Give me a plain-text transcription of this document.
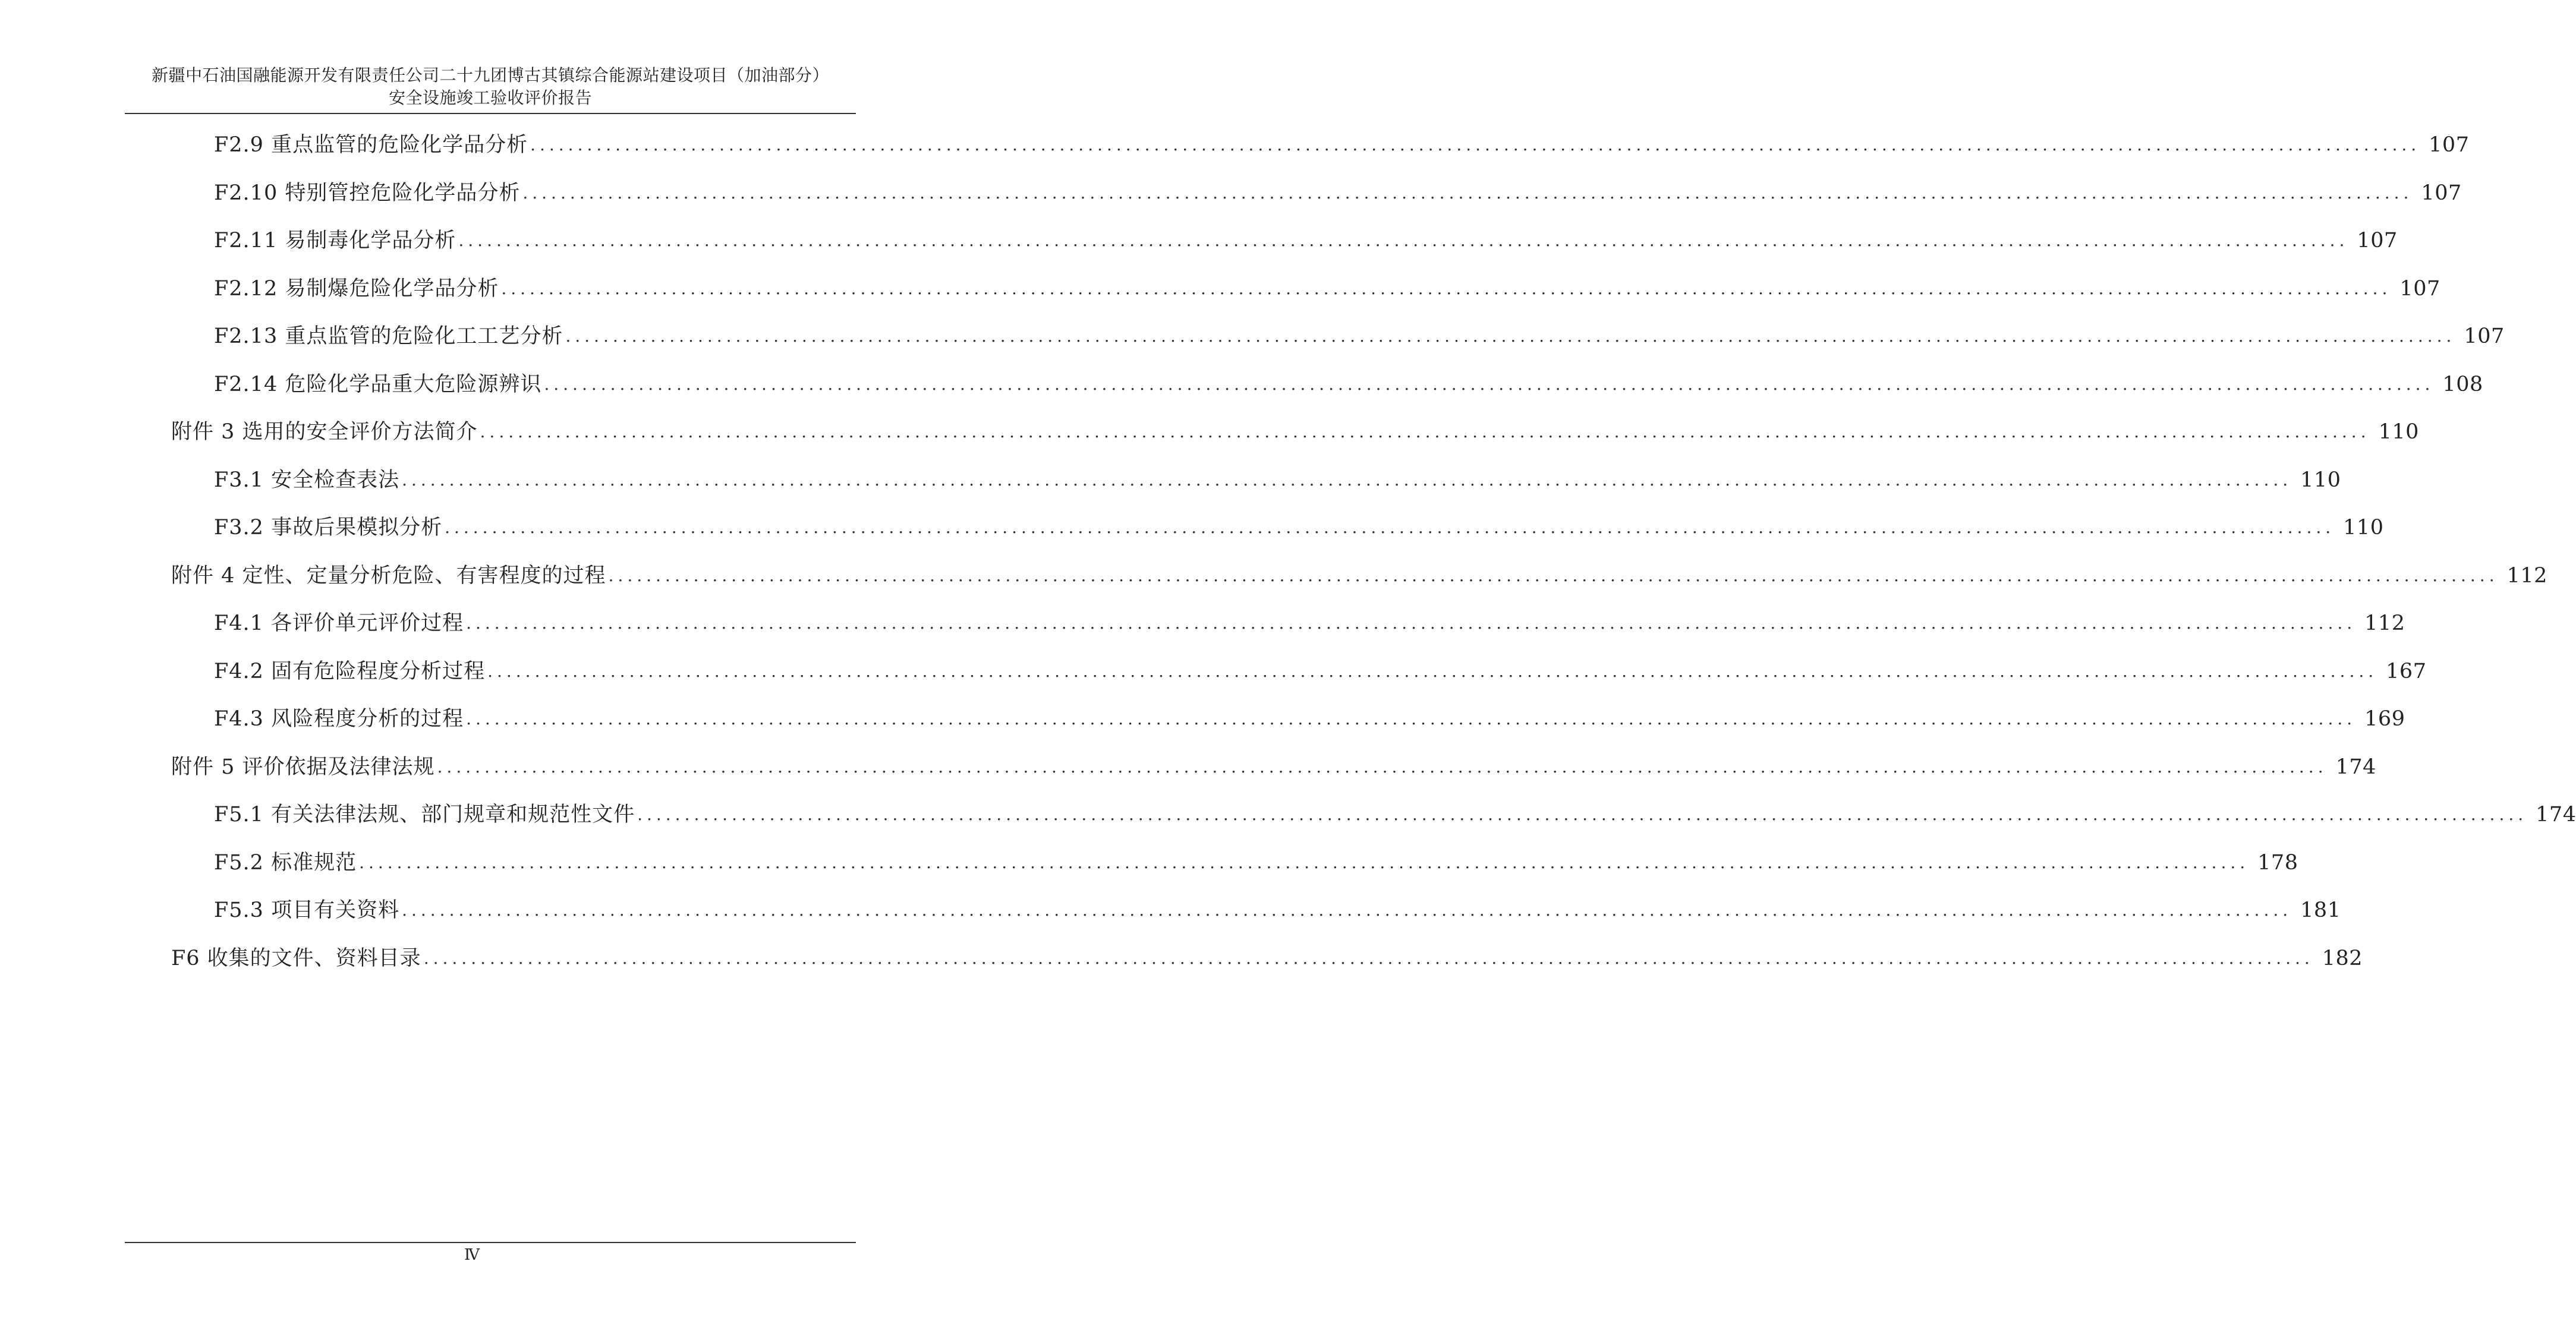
新疆中石油国融能源开发有限责任公司二十九团博古其镇综合能源站建设项目（加油部分）
安全设施竣工验收评价报告
F2.9 重点监管的危险化学品分析 ........................................................................................................................................................................................................ 107
F2.10 特别管控危险化学品分析 ........................................................................................................................................................................................................ 107
F2.11 易制毒化学品分析 ........................................................................................................................................................................................................ 107
F2.12 易制爆危险化学品分析 ........................................................................................................................................................................................................ 107
F2.13 重点监管的危险化工工艺分析 ........................................................................................................................................................................................................ 107
F2.14 危险化学品重大危险源辨识 ........................................................................................................................................................................................................ 108
附件 3 选用的安全评价方法简介 ........................................................................................................................................................................................................ 110
F3.1 安全检查表法 ........................................................................................................................................................................................................ 110
F3.2 事故后果模拟分析 ........................................................................................................................................................................................................ 110
附件 4 定性、定量分析危险、有害程度的过程 ........................................................................................................................................................................................................ 112
F4.1 各评价单元评价过程 ........................................................................................................................................................................................................ 112
F4.2 固有危险程度分析过程 ........................................................................................................................................................................................................ 167
F4.3 风险程度分析的过程 ........................................................................................................................................................................................................ 169
附件 5 评价依据及法律法规 ........................................................................................................................................................................................................ 174
F5.1 有关法律法规、部门规章和规范性文件 ........................................................................................................................................................................................................ 174
F5.2 标准规范 ........................................................................................................................................................................................................ 178
F5.3 项目有关资料 ........................................................................................................................................................................................................ 181
F6 收集的文件、资料目录 ........................................................................................................................................................................................................ 182
Ⅳ
